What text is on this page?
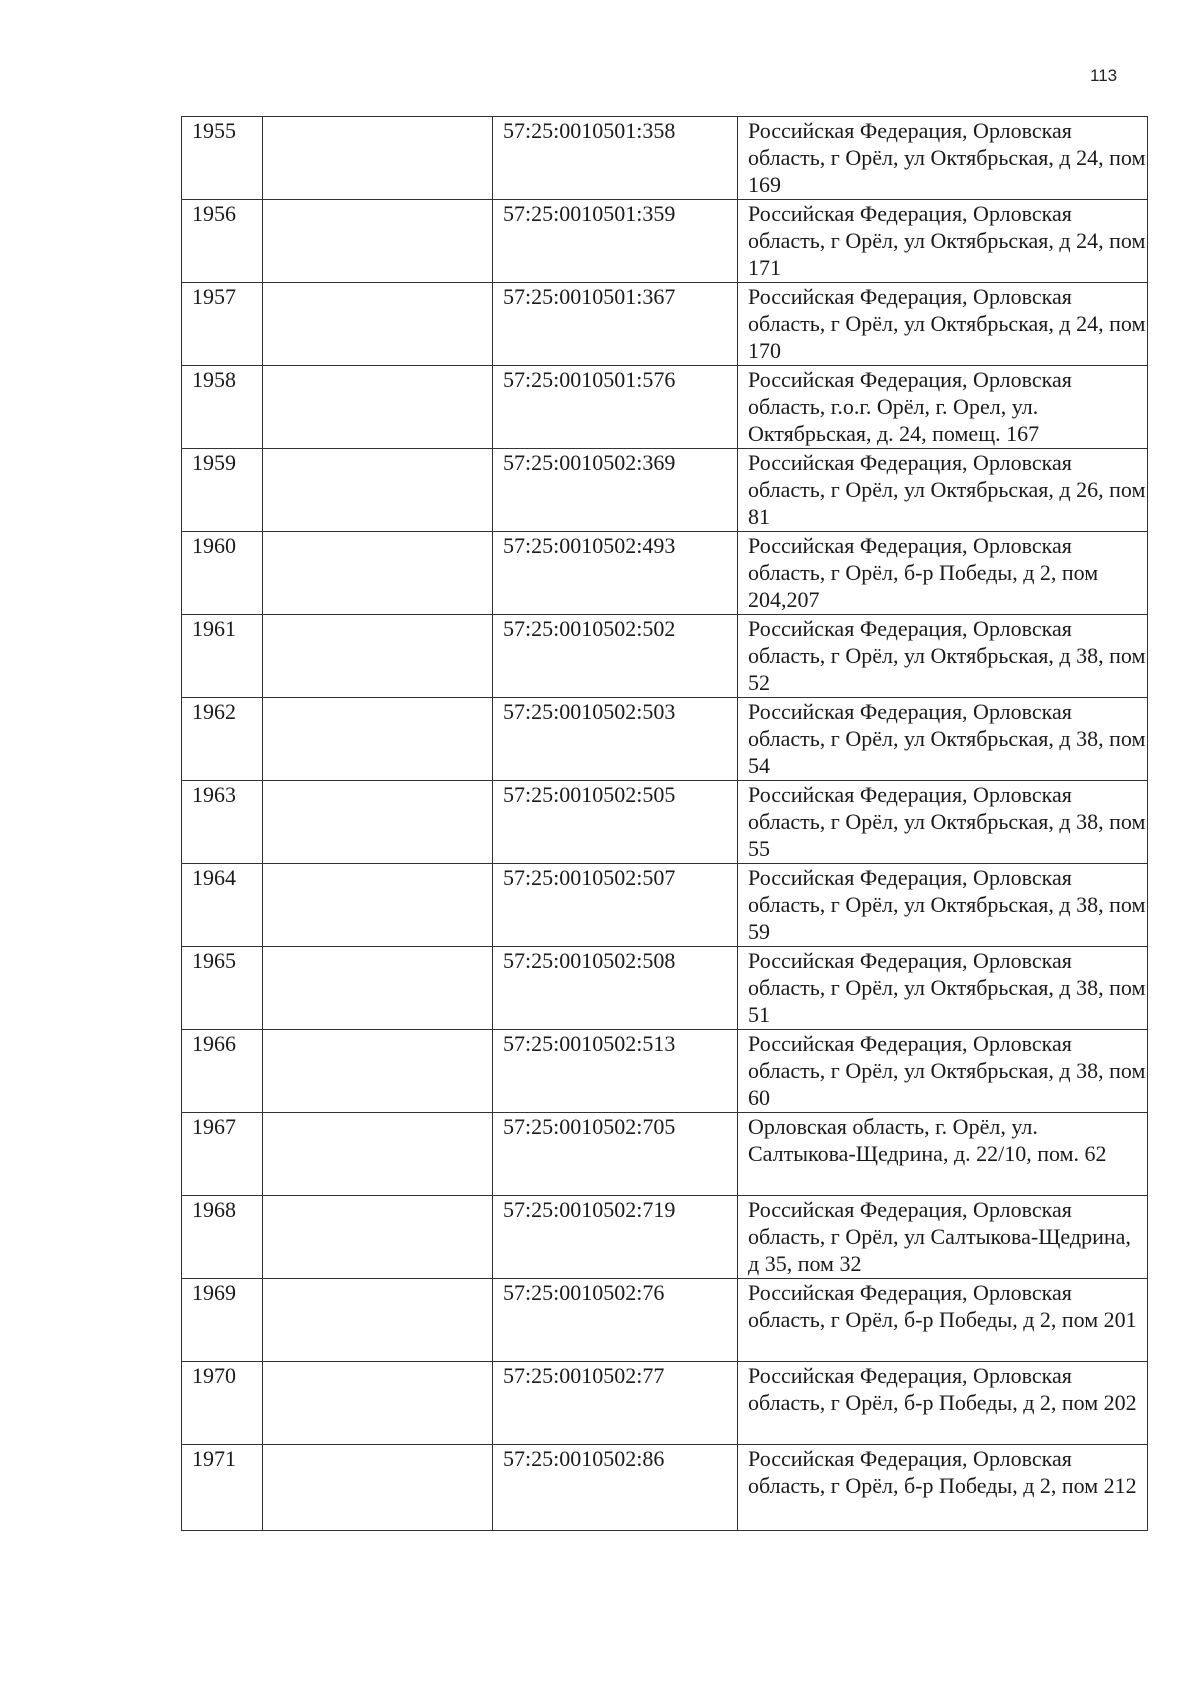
113
1955		57:25:0010501:358	Российская Федерация, Орловская область, г Орёл, ул Октябрьская, д 24, пом 169
1956		57:25:0010501:359	Российская Федерация, Орловская область, г Орёл, ул Октябрьская, д 24, пом 171
1957		57:25:0010501:367	Российская Федерация, Орловская область, г Орёл, ул Октябрьская, д 24, пом 170
1958		57:25:0010501:576	Российская Федерация, Орловская область, г.о.г. Орёл, г. Орел, ул. Октябрьская, д. 24, помещ. 167
1959		57:25:0010502:369	Российская Федерация, Орловская область, г Орёл, ул Октябрьская, д 26, пом 81
1960		57:25:0010502:493	Российская Федерация, Орловская область, г Орёл, б-р Победы, д 2, пом 204,207
1961		57:25:0010502:502	Российская Федерация, Орловская область, г Орёл, ул Октябрьская, д 38, пом 52
1962		57:25:0010502:503	Российская Федерация, Орловская область, г Орёл, ул Октябрьская, д 38, пом 54
1963		57:25:0010502:505	Российская Федерация, Орловская область, г Орёл, ул Октябрьская, д 38, пом 55
1964		57:25:0010502:507	Российская Федерация, Орловская область, г Орёл, ул Октябрьская, д 38, пом 59
1965		57:25:0010502:508	Российская Федерация, Орловская область, г Орёл, ул Октябрьская, д 38, пом 51
1966		57:25:0010502:513	Российская Федерация, Орловская область, г Орёл, ул Октябрьская, д 38, пом 60
1967		57:25:0010502:705	Орловская область, г. Орёл, ул. Салтыкова-Щедрина, д. 22/10, пом. 62
1968		57:25:0010502:719	Российская Федерация, Орловская область, г Орёл, ул Салтыкова-Щедрина, д 35, пом 32
1969		57:25:0010502:76	Российская Федерация, Орловская область, г Орёл, б-р Победы, д 2, пом 201
1970		57:25:0010502:77	Российская Федерация, Орловская область, г Орёл, б-р Победы, д 2, пом 202
1971		57:25:0010502:86	Российская Федерация, Орловская область, г Орёл, б-р Победы, д 2, пом 212
